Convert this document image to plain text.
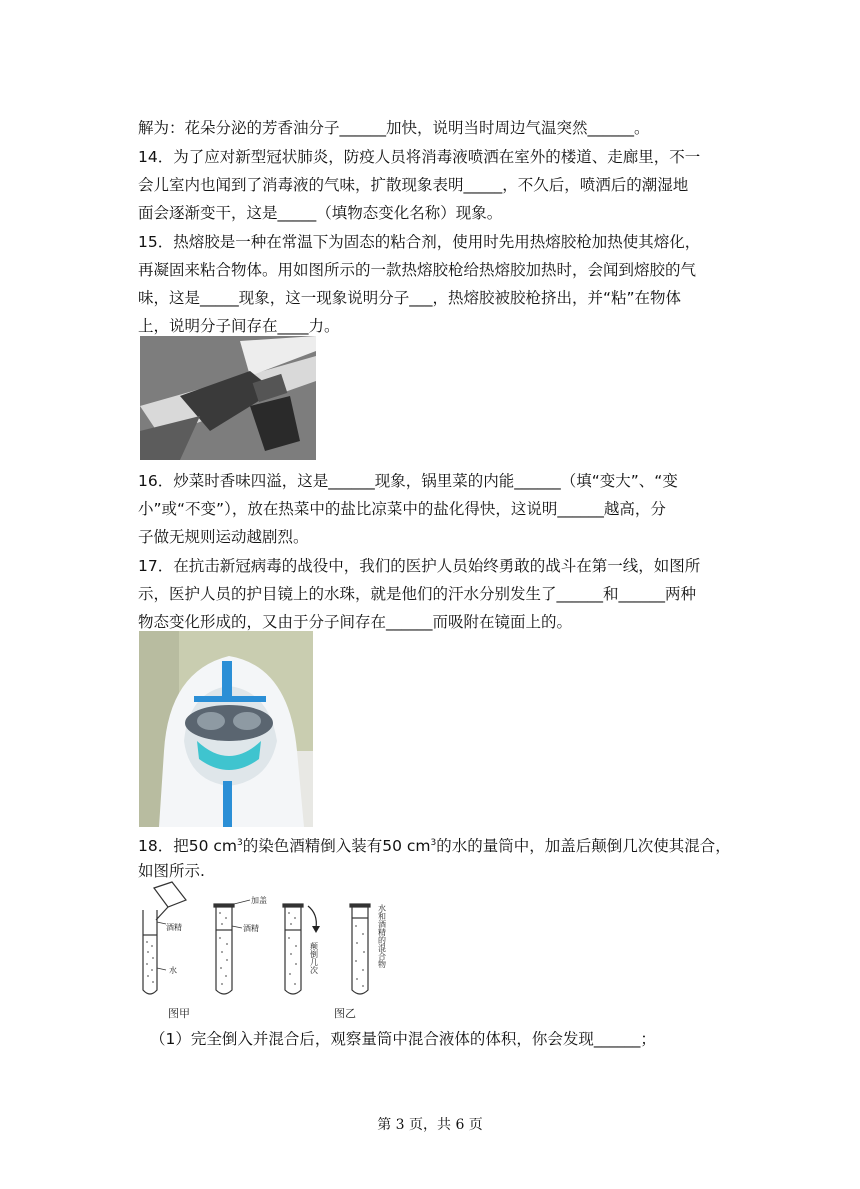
解为：花朵分泌的芳香油分子______加快，说明当时周边气温突然______。
14．为了应对新型冠状肺炎，防疫人员将消毒液喷洒在室外的楼道、走廊里，不一
会儿室内也闻到了消毒液的气味，扩散现象表明_____，不久后，喷洒后的潮湿地
面会逐渐变干，这是_____（填物态变化名称）现象。
15．热熔胶是一种在常温下为固态的粘合剂，使用时先用热熔胶枪加热使其熔化，
再凝固来粘合物体。用如图所示的一款热熔胶枪给热熔胶加热时，会闻到熔胶的气
味，这是_____现象，这一现象说明分子___，热熔胶被胶枪挤出，并“粘”在物体
上，说明分子间存在____力。
16．炒菜时香味四溢，这是______现象，锅里菜的内能______（填“变大”、“变
小”或“不变”），放在热菜中的盐比凉菜中的盐化得快，这说明______越高，分
子做无规则运动越剧烈。
17．在抗击新冠病毒的战役中，我们的医护人员始终勇敢的战斗在第一线，如图所
示，医护人员的护目镜上的水珠，就是他们的汗水分别发生了______和______两种
物态变化形成的，又由于分子间存在______而吸附在镜面上的。
18．把50 $cm^3$的染色酒精倒入装有50 $cm^3$的水的量筒中，加盖后颠倒几次使其混合，
如图所示.
酒精
水
加盖
酒精
颠倒几次	水和酒精的混合物
图甲	图乙
（1）完全倒入并混合后，观察量筒中混合液体的体积，你会发现______；
第 3 页，共 6 页
